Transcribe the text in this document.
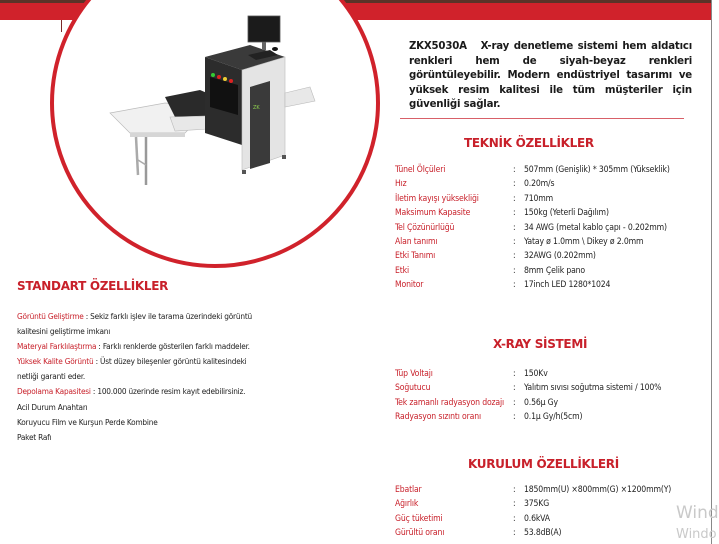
ZK
ZKX5030A X-ray denetleme sistemi hem aldatıcı renkleri hem de siyah-beyaz renkleri görüntüleyebilir. Modern endüstriyel tasarımı ve yüksek resim kalitesi ile tüm müşteriler için güvenliği sağlar.
TEKNİK ÖZELLİKLER
Tünel Ölçüleri	: 507mm (Genişlik) * 305mm (Yükseklik)
Hız	: 0.20m/s
İletim kayışı yüksekliği	: 710mm
Maksimum Kapasite	: 150kg (Yeterli Dağılım)
Tel Çözünürlüğü	: 34 AWG (metal kablo çapı - 0.202mm)
Alan tanımı	: Yatay ø 1.0mm \ Dikey ø 2.0mm
Etki Tanımı	: 32AWG (0.202mm)
Etki	: 8mm Çelik pano
Monitor	: 17inch LED 1280*1024
X-RAY SİSTEMİ
Tüp Voltajı	: 150Kv
Soğutucu	: Yalıtım sıvısı soğutma sistemi / 100%
Tek zamanlı radyasyon dozajı	: 0.56μ Gy
Radyasyon sızıntı oranı	: 0.1μ Gy/h(5cm)
KURULUM ÖZELLİKLERİ
Ebatlar	: 1850mm(U) ×800mm(G) ×1200mm(Y)
Ağırlık	: 375KG
Güç tüketimi	: 0.6kVA
Gürültü oranı	: 53.8dB(A)
STANDART ÖZELLİKLER

Görüntü Geliştirme : Sekiz farklı işlev ile tarama üzerindeki görüntü kalitesini geliştirme imkanı

Materyal Farklılaştırma : Farklı renklerde gösterilen farklı maddeler.

Yüksek Kalite Görüntü : Üst düzey bileşenler görüntü kalitesindeki netliği garanti eder.

Depolama Kapasitesi : 100.000 üzerinde resim kayıt edebilirsiniz.

Acil Durum Anahtarı

Koruyucu Film ve Kurşun Perde Kombine

Paket Rafı

Wind
Windo
